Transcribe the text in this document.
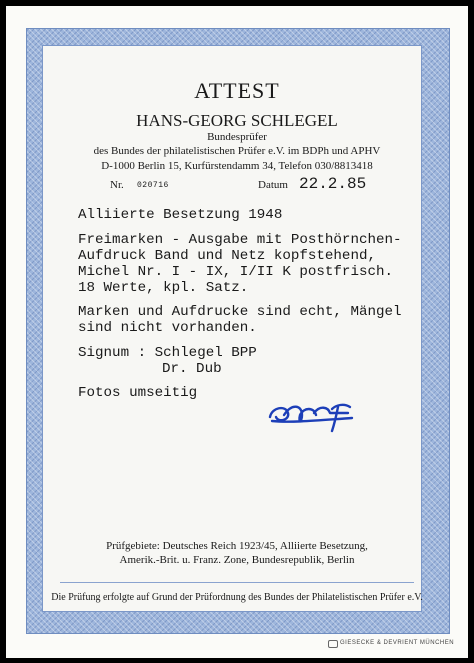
ATTEST
HANS-GEORG SCHLEGEL
Bundesprüfer
des Bundes der philatelistischen Prüfer e.V. im BDPh und APHV
D-1000 Berlin 15, Kurfürstendamm 34, Telefon 030/8813418
Nr. 020716	Datum 22.2.85
Alliierte Besetzung 1948
Freimarken - Ausgabe mit Posthörnchen-
Aufdruck Band und Netz kopfstehend,
Michel Nr. I - IX, I/II K postfrisch.
18 Werte, kpl. Satz.
Marken und Aufdrucke sind echt, Mängel
sind nicht vorhanden.
Signum : Schlegel BPP
Dr. Dub
Fotos umseitig
Prüfgebiete: Deutsches Reich 1923/45, Alliierte Besetzung,
Amerik.-Brit. u. Franz. Zone, Bundesrepublik, Berlin
Die Prüfung erfolgte auf Grund der Prüfordnung des Bundes der Philatelistischen Prüfer e.V.
GIESECKE & DEVRIENT MÜNCHEN
